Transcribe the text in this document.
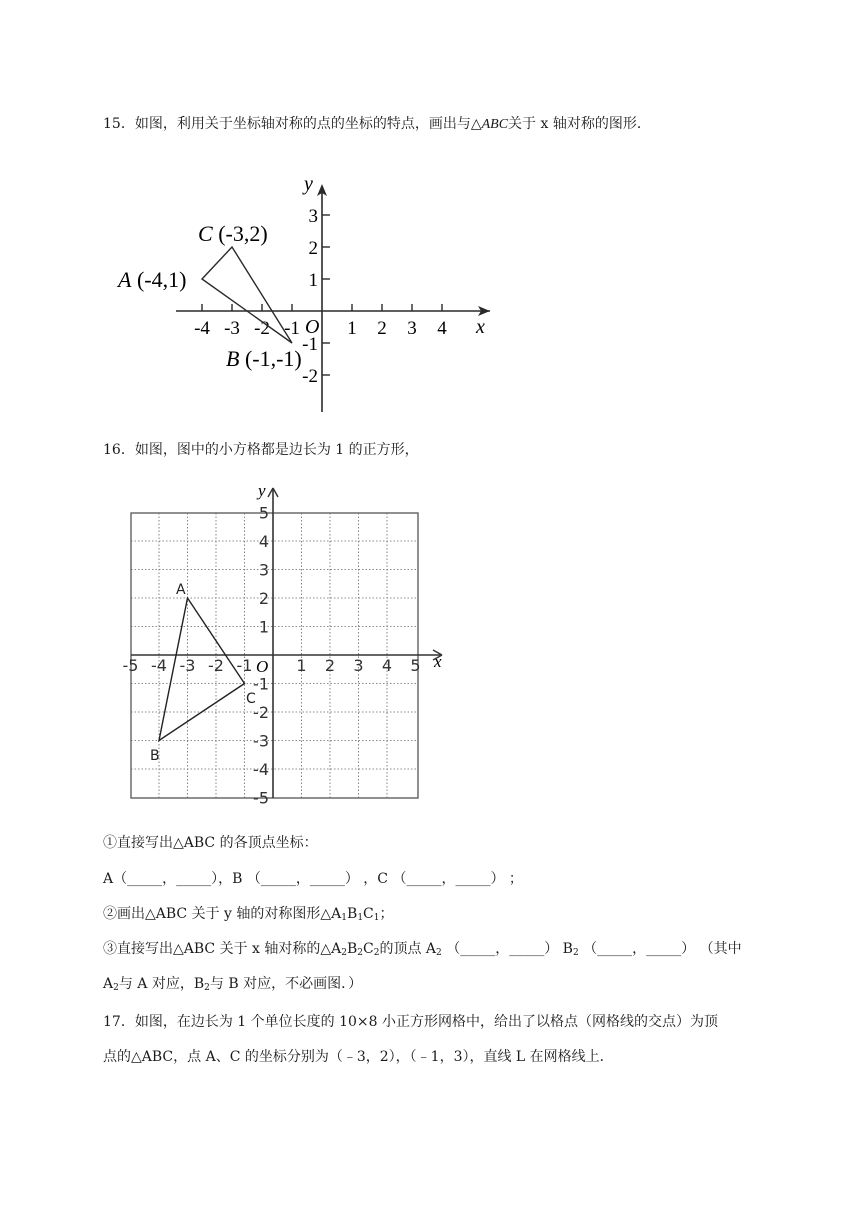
15．如图，利用关于坐标轴对称的点的坐标的特点，画出与△ABC关于 x 轴对称的图形．
x
y
O
-4 -3 -2 -1 1 2 3 4
3
2
1
-1
-2
A (-4,1)
C (-3,2)
B (-1,-1)
16．如图，图中的小方格都是边长为 1 的正方形，
x
y
O
-5 -4 -3 -2 -1	1 2 3 4 5
5
4
3
2
1
-1
-2
-3
-4
-5
A
B
C
①直接写出△ABC 的各顶点坐标：
A（_____，_____），B （_____，_____） ，C （_____，_____） ；
②画出△ABC 关于 y 轴的对称图形$\triangle A_1B_1C_1$；
③直接写出△ABC 关于 x 轴对称的$\triangle A_2B_2C_2$的顶点 $A_2$ （_____，_____） $B_2$ （_____，_____） （其中
$A_2$与 A 对应，$B_2$与 B 对应，不必画图．）
17．如图，在边长为 1 个单位长度的 10×8 小正方形网格中，给出了以格点（网格线的交点）为顶
点的△ABC，点 A、C 的坐标分别为（﹣3，2），（﹣1，3），直线 L 在网格线上．
